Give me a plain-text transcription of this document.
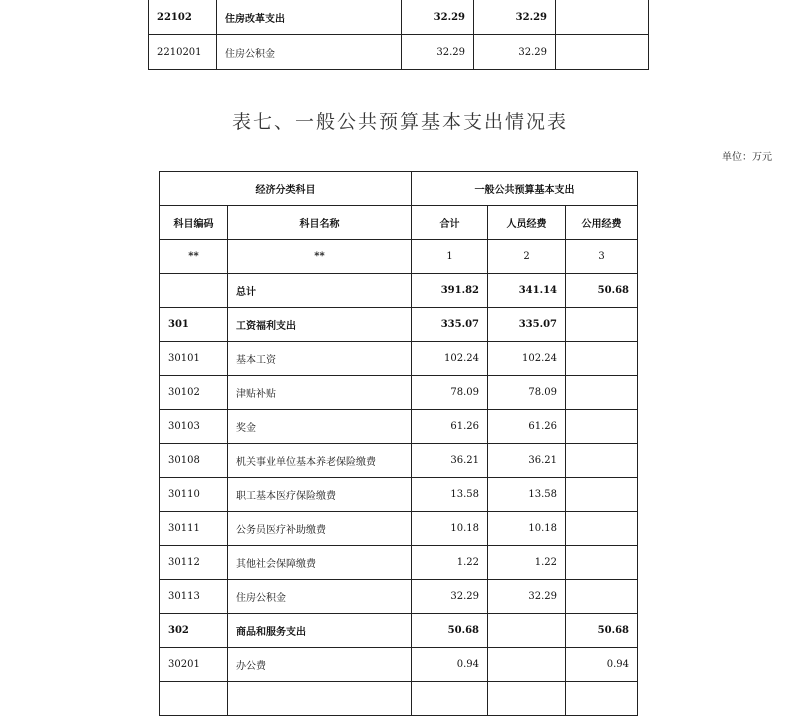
22102	住房改革支出	32.29	32.29	
2210201	住房公积金	32.29	32.29	
表七、一般公共预算基本支出情况表
单位：万元
经济分类科目		一般公共预算基本支出		
科目编码	科目名称	合计	人员经费	公用经费
**	**	1	2	3
	总计	391.82	341.14	50.68
301	工资福利支出	335.07	335.07	
30101	基本工资	102.24	102.24	
30102	津贴补贴	78.09	78.09	
30103	奖金	61.26	61.26	
30108	机关事业单位基本养老保险缴费	36.21	36.21	
30110	职工基本医疗保险缴费	13.58	13.58	
30111	公务员医疗补助缴费	10.18	10.18	
30112	其他社会保障缴费	1.22	1.22	
30113	住房公积金	32.29	32.29	
302	商品和服务支出	50.68		50.68
30201	办公费	0.94		0.94
